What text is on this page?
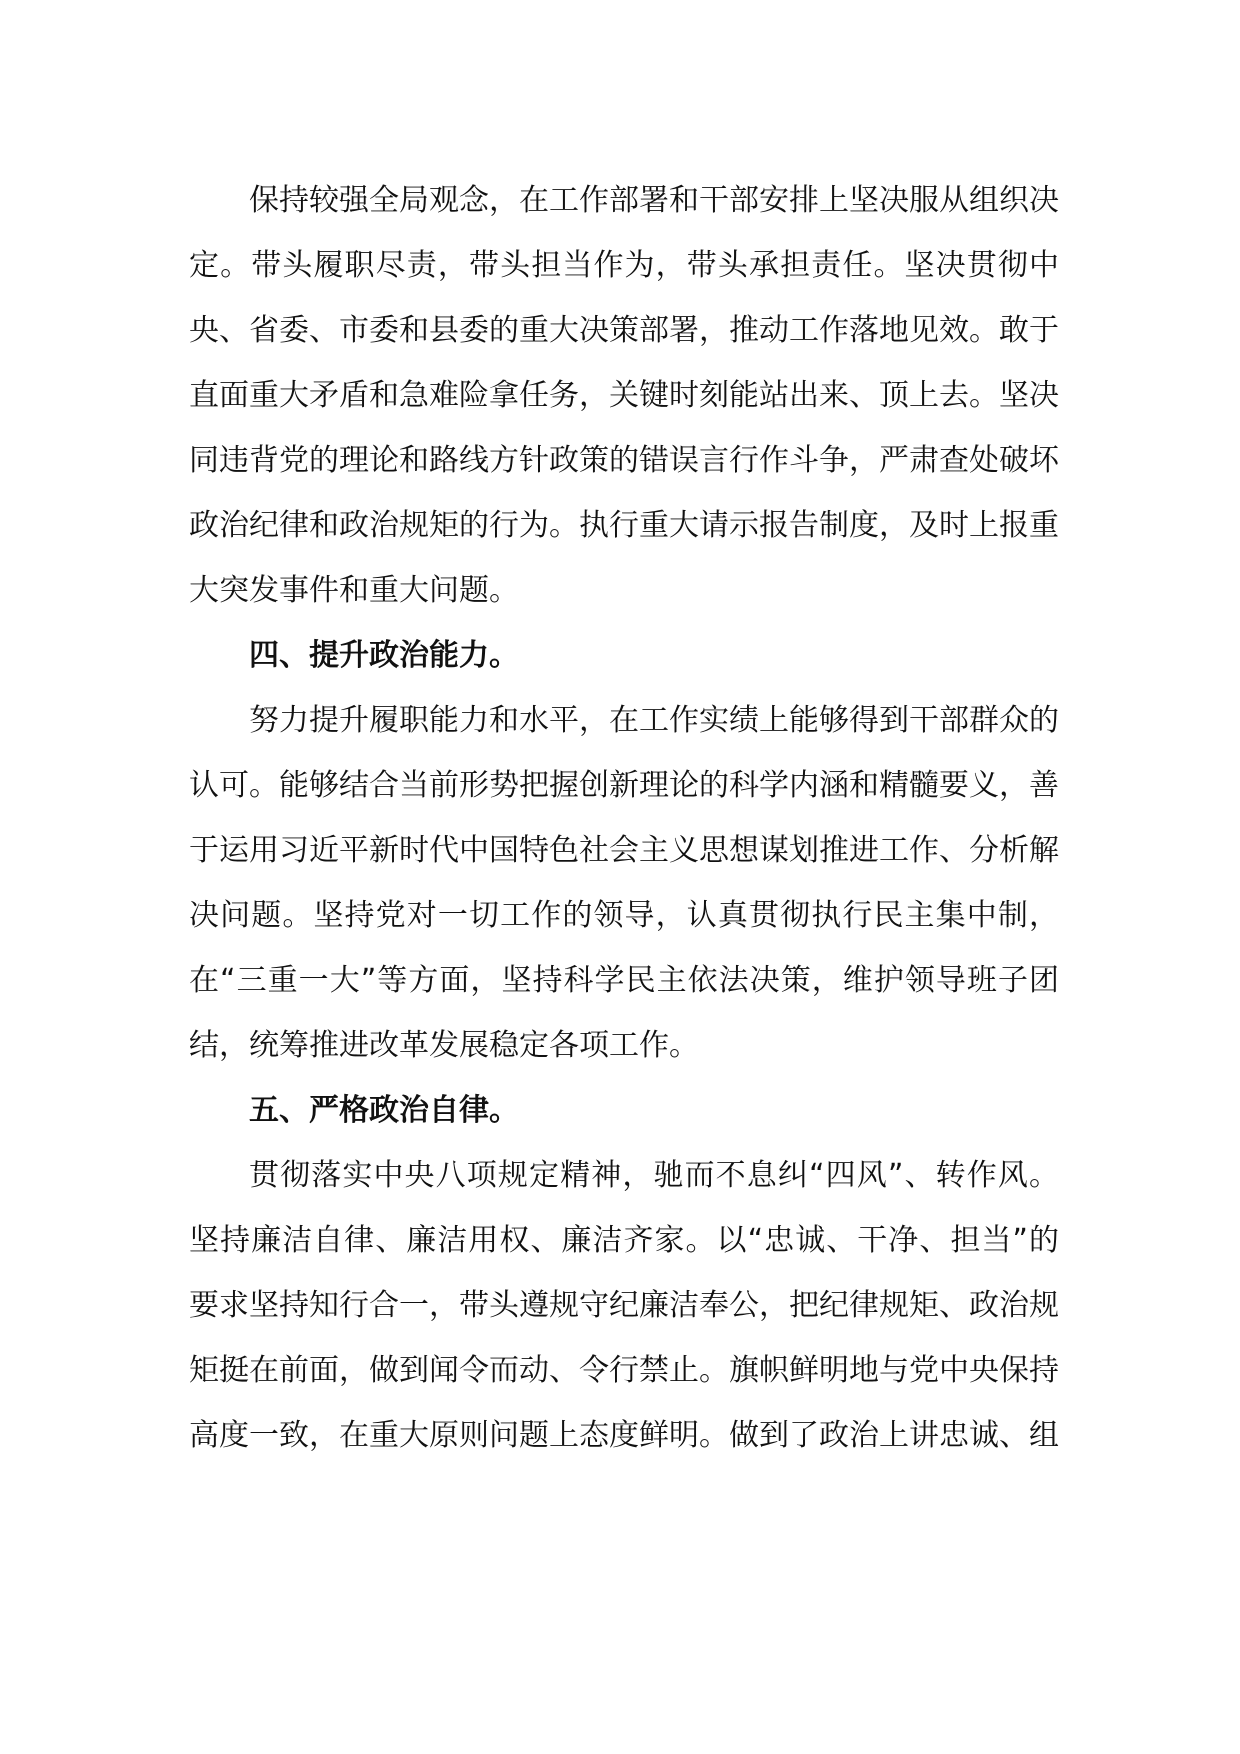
保持较强全局观念，在工作部署和干部安排上坚决服从组织决定。带头履职尽责，带头担当作为，带头承担责任。坚决贯彻中央、省委、市委和县委的重大决策部署，推动工作落地见效。敢于直面重大矛盾和急难险拿任务，关键时刻能站出来、顶上去。坚决同违背党的理论和路线方针政策的错误言行作斗争，严肃查处破坏政治纪律和政治规矩的行为。执行重大请示报告制度，及时上报重大突发事件和重大问题。

四、提升政治能力。

努力提升履职能力和水平，在工作实绩上能够得到干部群众的认可。能够结合当前形势把握创新理论的科学内涵和精髓要义，善于运用习近平新时代中国特色社会主义思想谋划推进工作、分析解决问题。坚持党对一切工作的领导，认真贯彻执行民主集中制，在“三重一大”等方面，坚持科学民主依法决策，维护领导班子团结，统筹推进改革发展稳定各项工作。

五、严格政治自律。

贯彻落实中央八项规定精神，驰而不息纠“四风”、转作风。坚持廉洁自律、廉洁用权、廉洁齐家。以“忠诚、干净、担当”的要求坚持知行合一，带头遵规守纪廉洁奉公，把纪律规矩、政治规矩挺在前面，做到闻令而动、令行禁止。旗帜鲜明地与党中央保持高度一致，在重大原则问题上态度鲜明。做到了政治上讲忠诚、组
